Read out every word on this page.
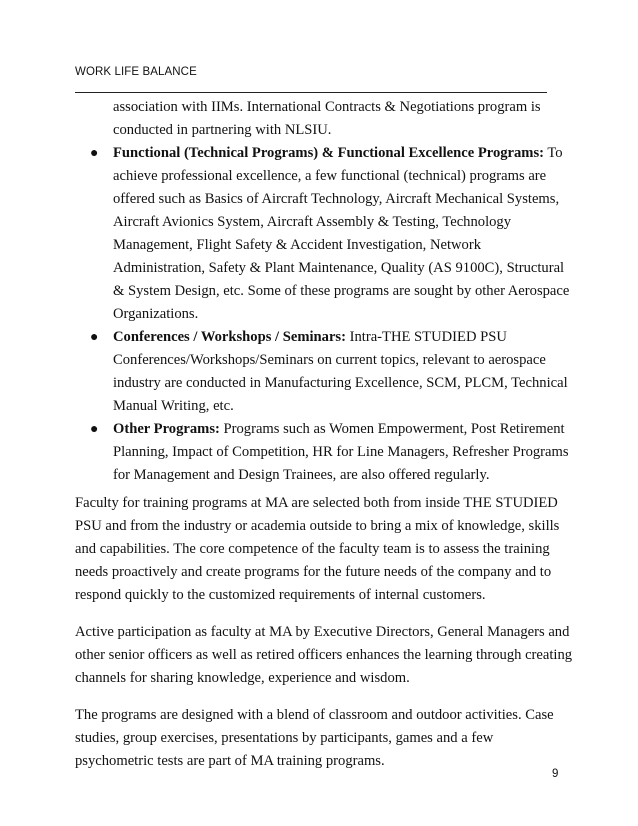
WORK LIFE BALANCE
association with IIMs. International Contracts & Negotiations program is conducted in partnering with NLSIU.
● Functional (Technical Programs) & Functional Excellence Programs: To achieve professional excellence, a few functional (technical) programs are offered such as Basics of Aircraft Technology, Aircraft Mechanical Systems, Aircraft Avionics System, Aircraft Assembly & Testing, Technology Management, Flight Safety & Accident Investigation, Network Administration, Safety & Plant Maintenance, Quality (AS 9100C), Structural & System Design, etc. Some of these programs are sought by other Aerospace Organizations.
● Conferences / Workshops / Seminars: Intra-THE STUDIED PSU Conferences/Workshops/Seminars on current topics, relevant to aerospace industry are conducted in Manufacturing Excellence, SCM, PLCM, Technical Manual Writing, etc.
● Other Programs: Programs such as Women Empowerment, Post Retirement Planning, Impact of Competition, HR for Line Managers, Refresher Programs for Management and Design Trainees, are also offered regularly.

Faculty for training programs at MA are selected both from inside THE STUDIED PSU and from the industry or academia outside to bring a mix of knowledge, skills and capabilities. The core competence of the faculty team is to assess the training needs proactively and create programs for the future needs of the company and to respond quickly to the customized requirements of internal customers.

Active participation as faculty at MA by Executive Directors, General Managers and other senior officers as well as retired officers enhances the learning through creating channels for sharing knowledge, experience and wisdom.

The programs are designed with a blend of classroom and outdoor activities. Case studies, group exercises, presentations by participants, games and a few psychometric tests are part of MA training programs.

9
